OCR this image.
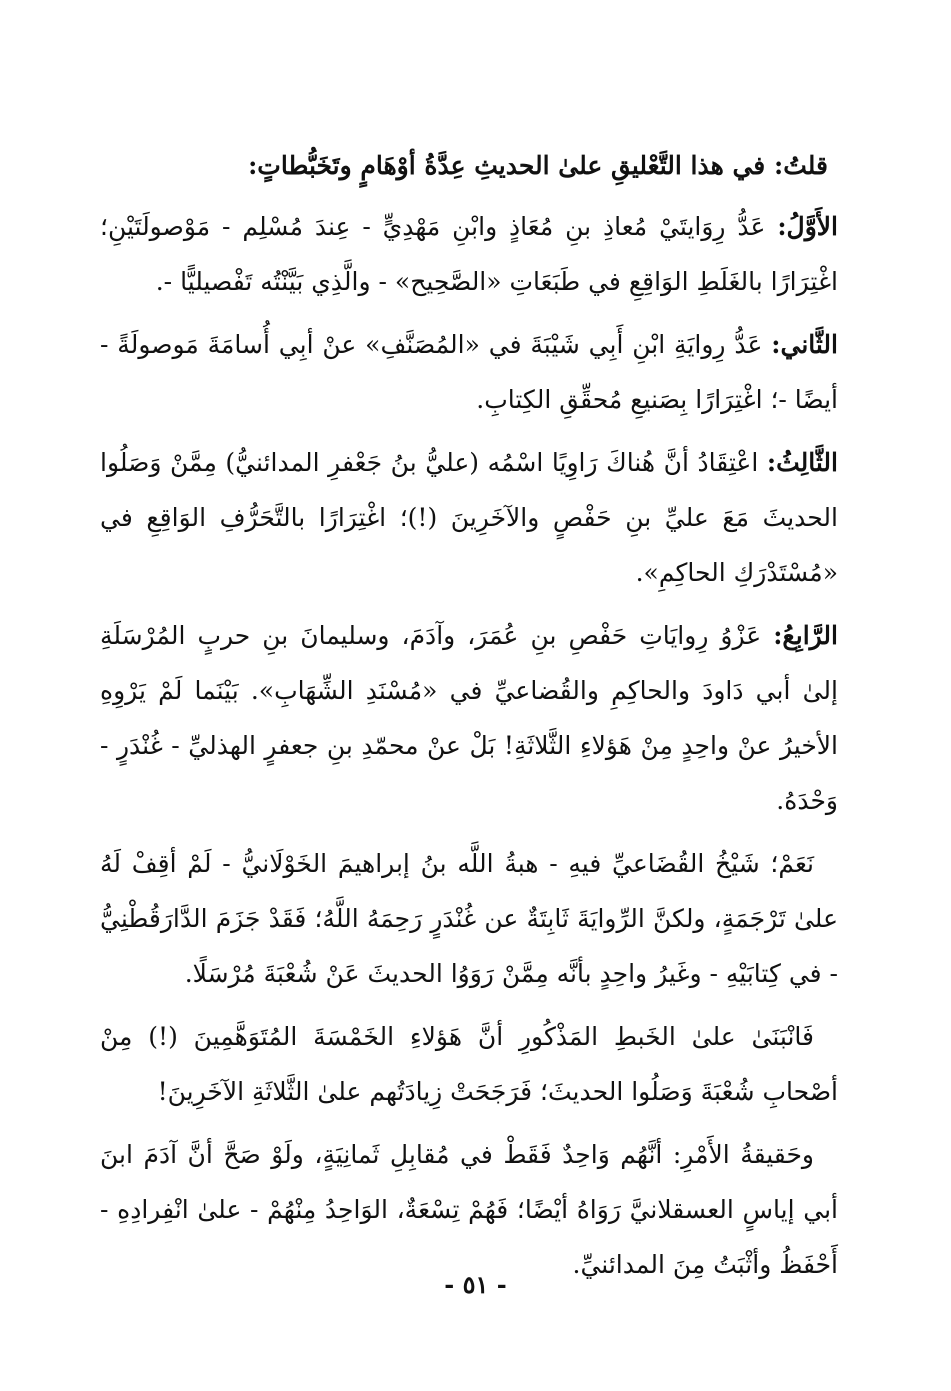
قلتُ: في هذا التَّعْليقِ علىٰ الحديثِ عِدَّةُ أوْهَامٍ وتَخَبُّطاتٍ:

الأَوَّلُ: عَدُّ رِوَايتَيْ مُعاذِ بنِ مُعَاذٍ وابْنِ مَهْدِيٍّ - عِندَ مُسْلِم - مَوْصولَتَيْنِ؛ اغْتِرَارًا بالغَلَطِ الوَاقِعِ في طَبَعَاتِ «الصَّحِيح» - والَّذِي بَيَّنْتُه تَفْصيليًّا -.

الثَّاني: عَدُّ رِوايَةِ ابْنِ أَبِي شَيْبَةَ في «المُصَنَّفِ» عنْ أبِي أُسامَةَ مَوصولَةً - أيضًا -؛ اغْتِرَارًا بِصَنيعِ مُحقِّقِ الكِتابِ.

الثَّالِثُ: اعْتِقَادُ أنَّ هُناكَ رَاوِيًا اسْمُه (عليُّ بنُ جَعْفرِ المدائنيُّ) مِمَّنْ وَصَلُوا الحديثَ مَعَ عليِّ بنِ حَفْصٍ والآخَرِينَ (!)؛ اغْتِرَارًا بالتَّحَرُّفِ الوَاقِعِ في «مُسْتَدْرَكِ الحاكِمِ».

الرَّابِعُ: عَزْوُ رِوايَاتِ حَفْصِ بنِ عُمَرَ، وآدَمَ، وسليمانَ بنِ حربٍ المُرْسَلَةِ إلىٰ أبي دَاودَ والحاكِمِ والقُضاعيِّ في «مُسْنَدِ الشِّهَابِ». بَيْنَما لَمْ يَرْوِهِ الأخيرُ عنْ واحِدٍ مِنْ هَؤلاءِ الثَّلاثَةِ! بَلْ عنْ محمّدِ بنِ جعفرٍ الهذليِّ - غُنْدَرٍ - وَحْدَهُ.

نَعَمْ؛ شَيْخُ القُضَاعيِّ فيهِ - هبةُ اللَّه بنُ إبراهيمَ الخَوْلَانيُّ - لَمْ أقِفْ لَهُ علىٰ تَرْجَمَةٍ، ولكنَّ الرِّوايَةَ ثَابِتَةٌ عن غُنْدَرٍ رَحِمَهُ اللَّهُ؛ فَقَدْ جَزَمَ الدَّارَقُطْنِيُّ - في كِتابَيْهِ - وغَيرُ واحِدٍ بأنَّه مِمَّنْ رَوَوُا الحديثَ عَنْ شُعْبَةَ مُرْسَلًا.

فَانْبَنَىٰ علىٰ الخَبطِ المَذْكُورِ أنَّ هَؤلاءِ الخَمْسَةَ المُتَوَهَّمِينَ (!) مِنْ أصْحابِ شُعْبَةَ وَصَلُوا الحديثَ؛ فَرَجَحَتْ زِيادَتُهم علىٰ الثَّلاثَةِ الآخَرِينَ!

وحَقيقةُ الأَمْرِ: أنَّهُم وَاحِدٌ فَقَطْ في مُقابِلِ ثَمانِيَةٍ، ولَوْ صَحَّ أنَّ آدَمَ ابنَ أبي إياسٍ العسقلانيَّ رَوَاهُ أيْضًا؛ فَهُمْ تِسْعَةٌ، الوَاحِدُ مِنْهُمْ - علىٰ انْفِرادِهِ - أَحْفَظُ وأثْبَتُ مِنَ المدائنيِّ.

- ٥١ -
